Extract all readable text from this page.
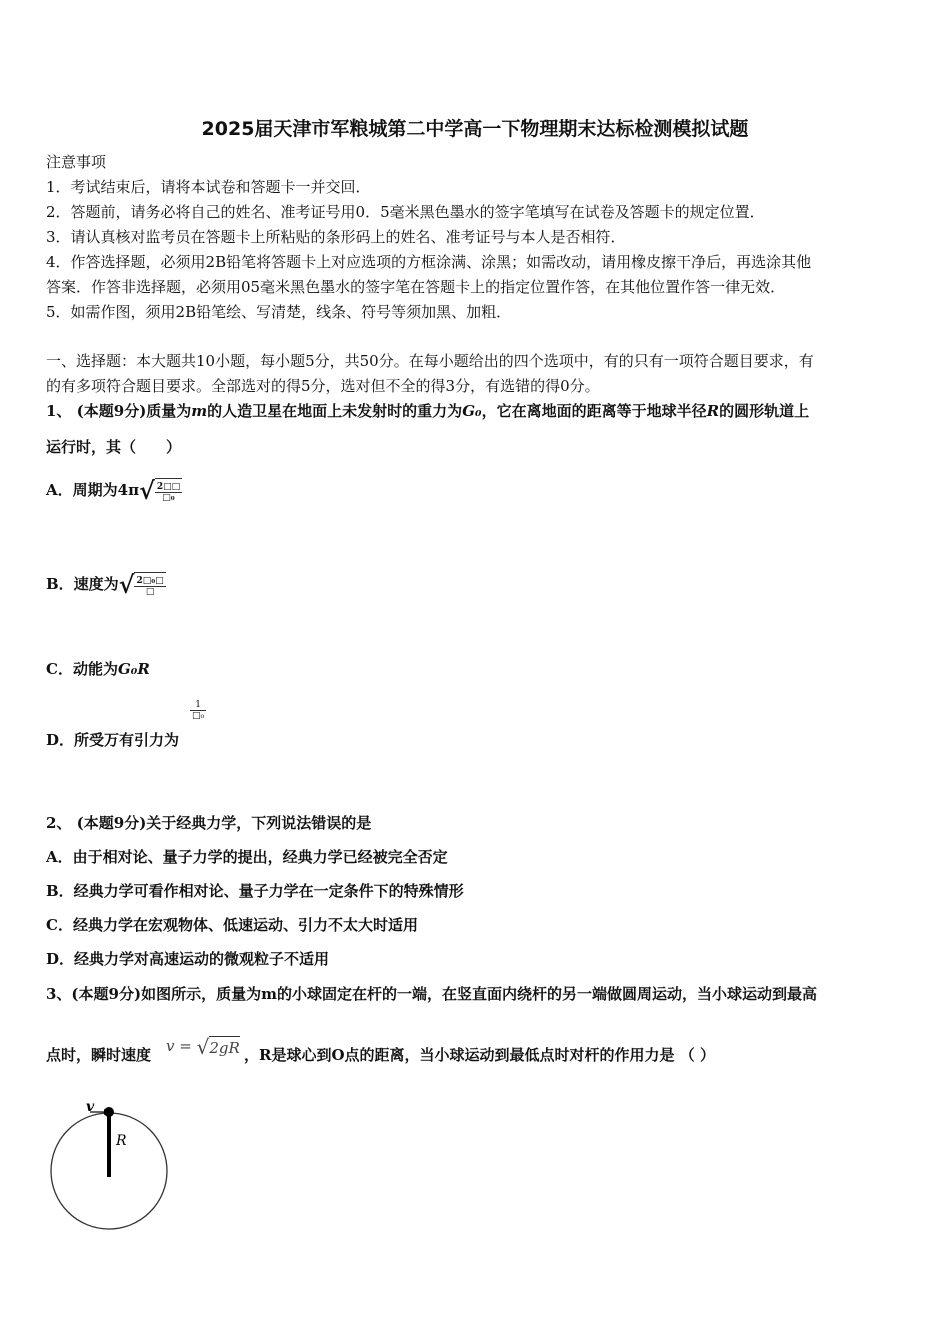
2025届天津市军粮城第二中学高一下物理期末达标检测模拟试题
注意事项
1．考试结束后，请将本试卷和答题卡一并交回．
2．答题前，请务必将自己的姓名、准考证号用0．5毫米黑色墨水的签字笔填写在试卷及答题卡的规定位置．
3．请认真核对监考员在答题卡上所粘贴的条形码上的姓名、准考证号与本人是否相符．
4．作答选择题，必须用2B铅笔将答题卡上对应选项的方框涂满、涂黑；如需改动，请用橡皮擦干净后，再选涂其他
答案．作答非选择题，必须用05毫米黑色墨水的签字笔在答题卡上的指定位置作答，在其他位置作答一律无效．
5．如需作图，须用2B铅笔绘、写清楚，线条、符号等须加黑、加粗．
一、选择题：本大题共10小题，每小题5分，共50分。在每小题给出的四个选项中，有的只有一项符合题目要求，有
的有多项符合题目要求。全部选对的得5分，选对但不全的得3分，有选错的得0分。
1、 (本题9分)质量为m的人造卫星在地面上未发射时的重力为G₀，它在离地面的距离等于地球半径R的圆形轨道上
运行时，其（　　）
A．周期为4π √ $\frac{2□□}{\text{□₀}}$
B．速度为 √ $\frac{\text{2□₀□}}{□}$
C．动能为G₀R
D．所受万有引力为
$\frac{1}{\text{□₀}}$
2、 (本题9分)关于经典力学，下列说法错误的是
A．由于相对论、量子力学的提出，经典力学已经被完全否定
B．经典力学可看作相对论、量子力学在一定条件下的特殊情形
C．经典力学在宏观物体、低速运动、引力不太大时适用
D．经典力学对高速运动的微观粒子不适用
3、(本题9分)如图所示，质量为m的小球固定在杆的一端，在竖直面内绕杆的另一端做圆周运动，当小球运动到最高
点时，瞬时速度 v = √ 2gR ，R是球心到O点的距离，当小球运动到最低点时对杆的作用力是 （ ）
v
R
